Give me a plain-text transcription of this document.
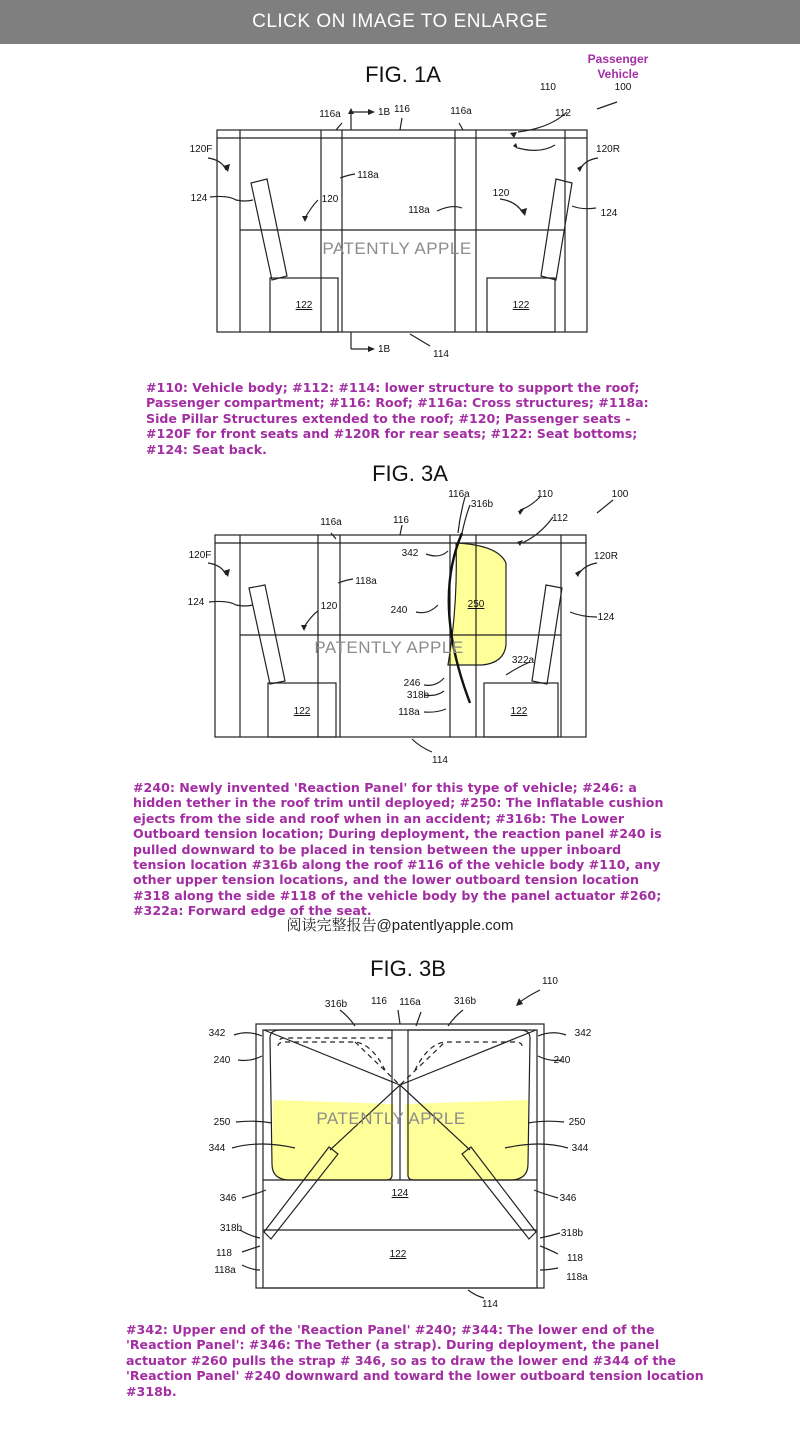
CLICK ON IMAGE TO ENLARGE
FIG. 1A
Passenger
Vehicle
116a	1B 116	116a
110	100
112
120F	120R
124
124
118a
118a
120
120
122	122
1B	114
PATENTLY APPLE
#110: Vehicle body; #112: #114: lower structure to support the roof; Passenger compartment; #116: Roof; #116a: Cross structures; #118a: Side Pillar Structures extended to the roof; #120; Passenger seats - #120F for front seats and #120R for rear seats; #122: Seat bottoms; #124: Seat back.
FIG. 3A
116a
316b
110	100
116a	116	112
342
120F	120R
118a
124
124
120	240
250
322a
246
318b
118a
122	122
114
PATENTLY APPLE
#240: Newly invented 'Reaction Panel' for this type of vehicle; #246: a hidden tether in the roof trim until deployed; #250: The Inflatable cushion ejects from the side and roof when in an accident; #316b: The Lower Outboard tension location; During deployment, the reaction panel #240 is pulled downward to be placed in tension between the upper inboard tension location #316b along the roof #116 of the vehicle body #110, any other upper tension locations, and the lower outboard tension location #318 along the side #118 of the vehicle body by the panel actuator #260; #322a: Forward edge of the seat.
阅读完整报告@patentlyapple.com
FIG. 3B
110
316b 116 116a	316b
342	342
240	240
250	250
344	344
124
346	346
318b	318b
122
118	118
118a
118a
114
PATENTLY APPLE
#342: Upper end of the 'Reaction Panel' #240; #344: The lower end of the 'Reaction Panel': #346: The Tether (a strap). During deployment, the panel actuator #260 pulls the strap # 346, so as to draw the lower end #344 of the 'Reaction Panel' #240 downward and toward the lower outboard tension location #318b.
